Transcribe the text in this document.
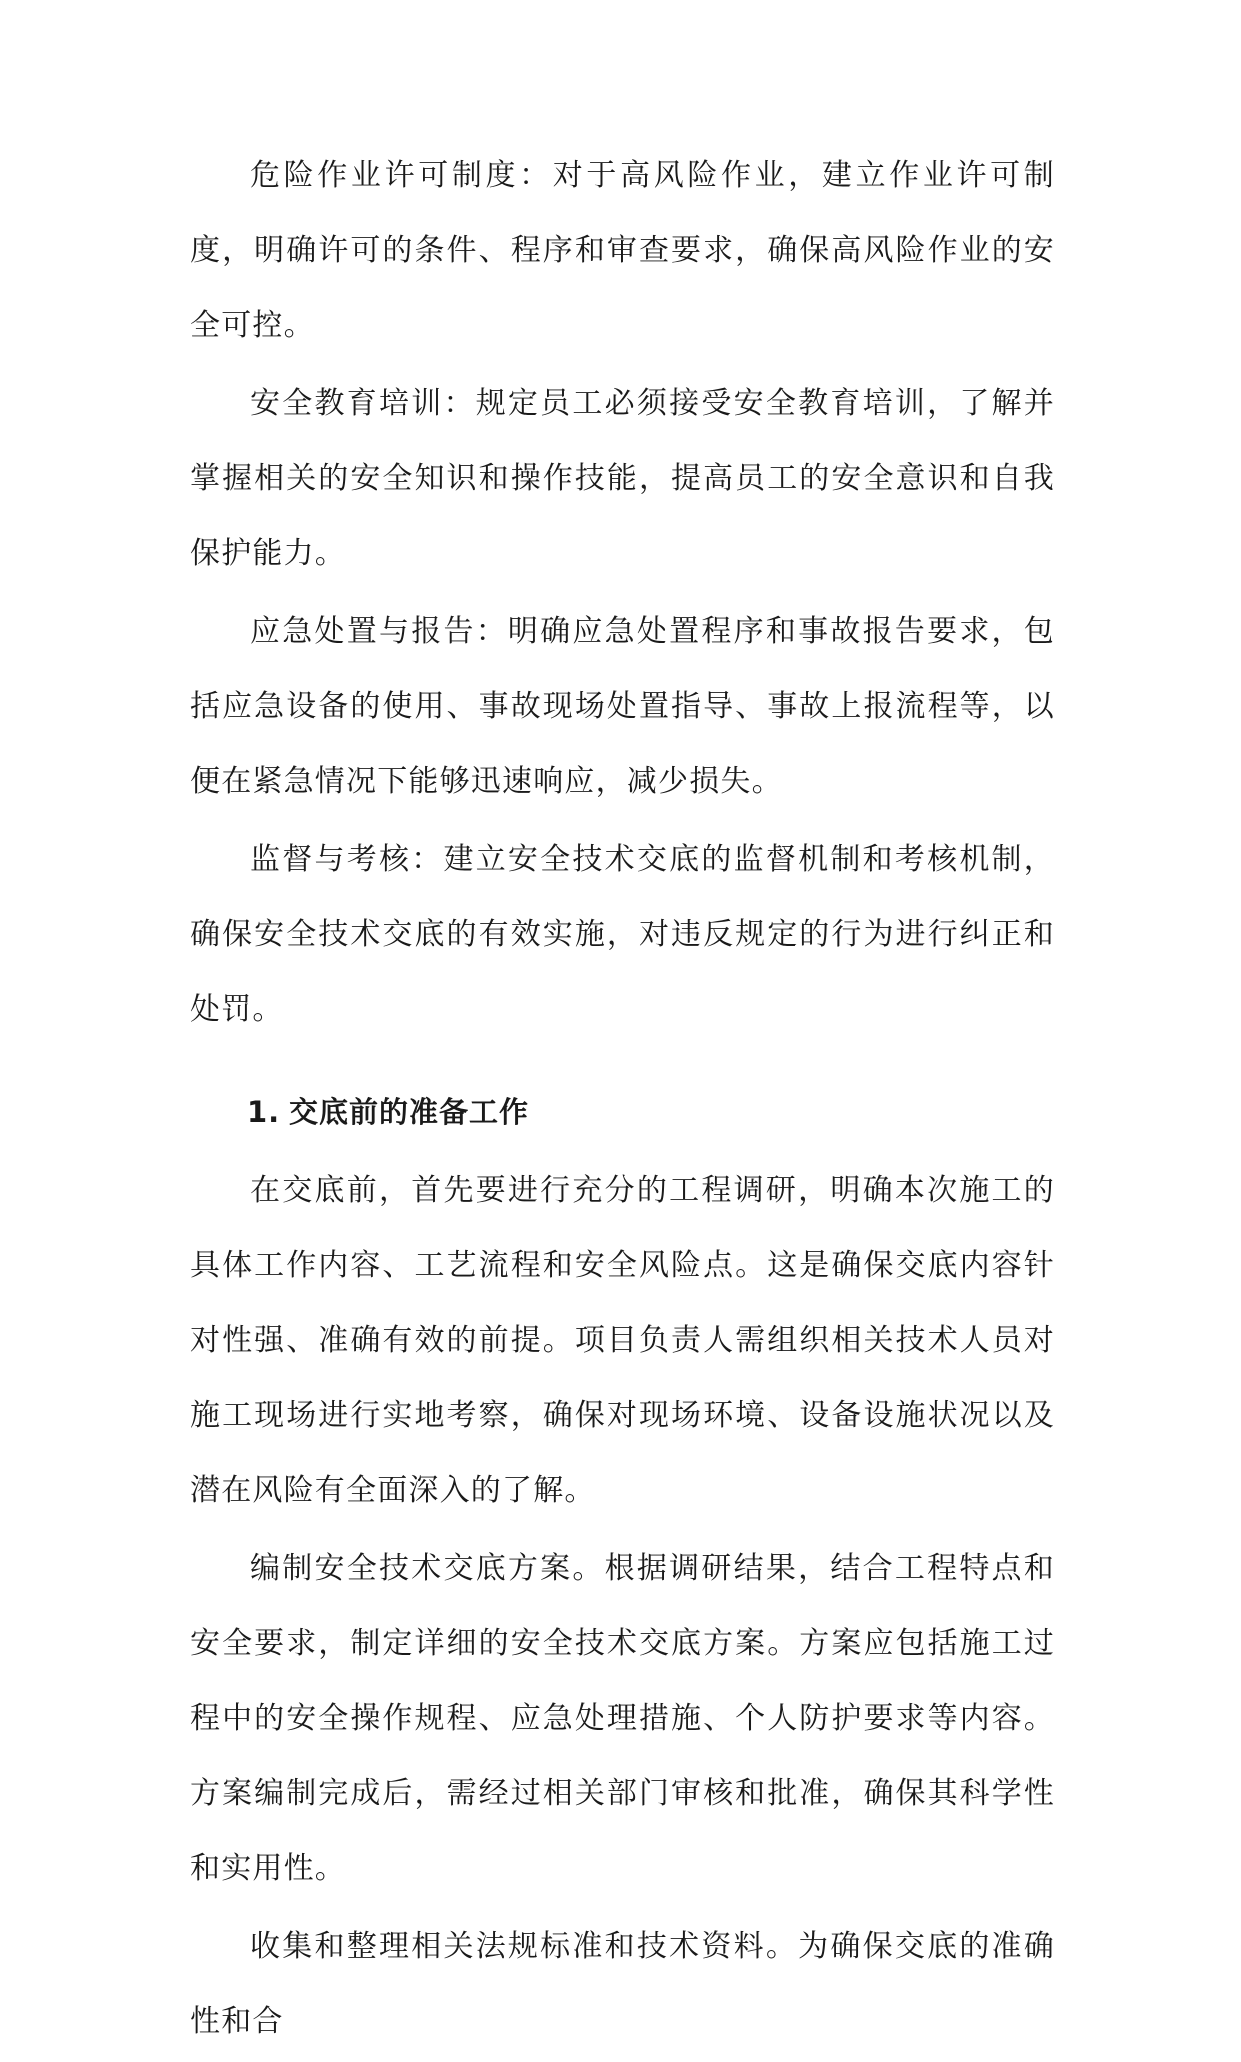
危险作业许可制度：对于高风险作业，建立作业许可制度，明确许可的条件、程序和审查要求，确保高风险作业的安全可控。

安全教育培训：规定员工必须接受安全教育培训，了解并掌握相关的安全知识和操作技能，提高员工的安全意识和自我保护能力。

应急处置与报告：明确应急处置程序和事故报告要求，包括应急设备的使用、事故现场处置指导、事故上报流程等，以便在紧急情况下能够迅速响应，减少损失。

监督与考核：建立安全技术交底的监督机制和考核机制，确保安全技术交底的有效实施，对违反规定的行为进行纠正和处罚。

1. 交底前的准备工作

在交底前，首先要进行充分的工程调研，明确本次施工的具体工作内容、工艺流程和安全风险点。这是确保交底内容针对性强、准确有效的前提。项目负责人需组织相关技术人员对施工现场进行实地考察，确保对现场环境、设备设施状况以及潜在风险有全面深入的了解。

编制安全技术交底方案。根据调研结果，结合工程特点和安全要求，制定详细的安全技术交底方案。方案应包括施工过程中的安全操作规程、应急处理措施、个人防护要求等内容。方案编制完成后，需经过相关部门审核和批准，确保其科学性和实用性。

收集和整理相关法规标准和技术资料。为确保交底的准确性和合
